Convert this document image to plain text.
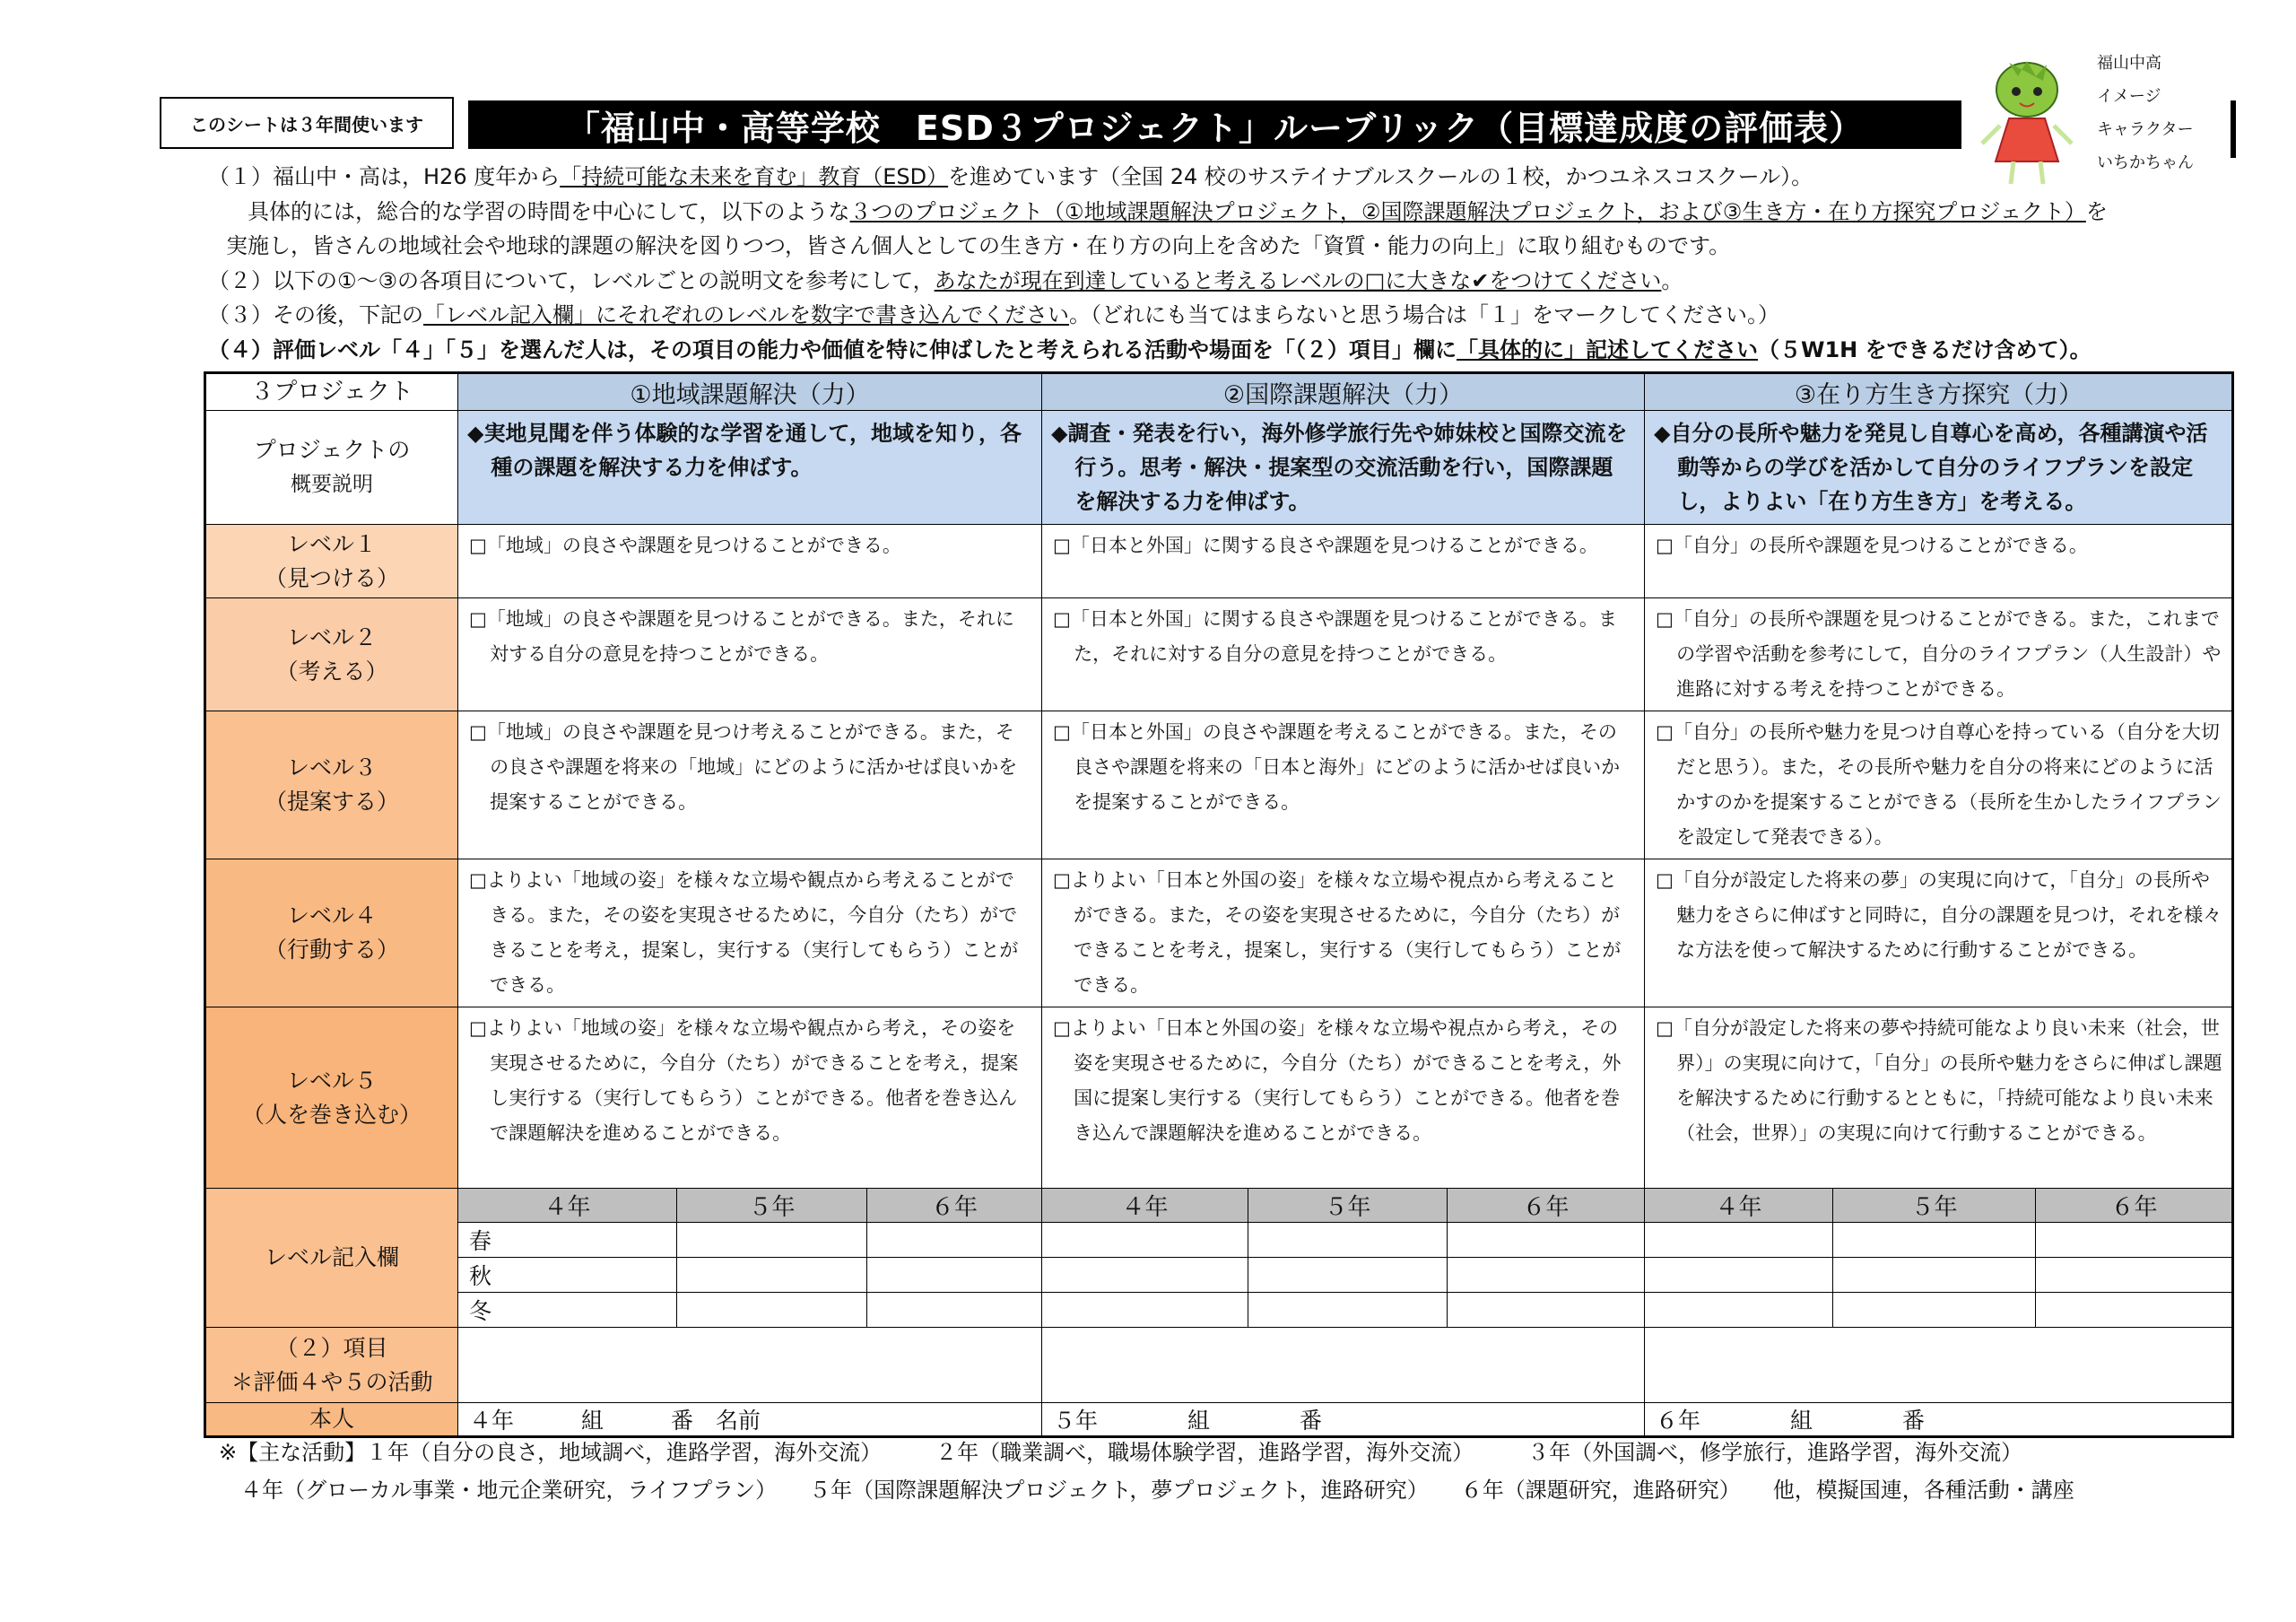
このシートは３年間使います	「福山中・高等学校　ESD３プロジェクト」ルーブリック（目標達成度の評価表）
福山中高
イメージ
キャラクター
いちかちゃん
（１）福山中・高は，H26 度年から「持続可能な未来を育む」教育（ESD）を進めています（全国 24 校のサステイナブルスクールの１校，かつユネスコスクール）。
具体的には，総合的な学習の時間を中心にして，以下のような３つのプロジェクト（①地域課題解決プロジェクト，②国際課題解決プロジェクト，および③生き方・在り方探究プロジェクト）を
実施し，皆さんの地域社会や地球的課題の解決を図りつつ，皆さん個人としての生き方・在り方の向上を含めた「資質・能力の向上」に取り組むものです。
（２）以下の①～③の各項目について，レベルごとの説明文を参考にして，あなたが現在到達していると考えるレベルの□に大きな✔をつけてください。
（３）その後，下記の「レベル記入欄」にそれぞれのレベルを数字で書き込んでください。（どれにも当てはまらないと思う場合は「１」をマークしてください。）
（４）評価レベル「４」「５」を選んだ人は，その項目の能力や価値を特に伸ばしたと考えられる活動や場面を「（２）項目」欄に「具体的に」記述してください（５W1H をできるだけ含めて）。
３プロジェクト	①地域課題解決（力）			②国際課題解決（力）			③在り方生き方探究（力）			

プロジェクトの
概要説明	◆実地見聞を伴う体験的な学習を通して，地域を知り，各種の課題を解決する力を伸ばす。			◆調査・発表を行い，海外修学旅行先や姉妹校と国際交流を行う。思考・解決・提案型の交流活動を行い，国際課題を解決する力を伸ばす。			◆自分の長所や魅力を発見し自尊心を高め，各種講演や活動等からの学びを活かして自分のライフプランを設定し，よりよい「在り方生き方」を考える。			

レベル１
（見つける）	□「地域」の良さや課題を見つけることができる。			□「日本と外国」に関する良さや課題を見つけることができる。			□「自分」の長所や課題を見つけることができる。			

レベル２
（考える）	□「地域」の良さや課題を見つけることができる。また，それに対する自分の意見を持つことができる。			□「日本と外国」に関する良さや課題を見つけることができる。また，それに対する自分の意見を持つことができる。			□「自分」の長所や課題を見つけることができる。また，これまでの学習や活動を参考にして，自分のライフプラン（人生設計）や進路に対する考えを持つことができる。			

レベル３
（提案する）	□「地域」の良さや課題を見つけ考えることができる。また，その良さや課題を将来の「地域」にどのように活かせば良いかを提案することができる。			□「日本と外国」の良さや課題を考えることができる。また，その良さや課題を将来の「日本と海外」にどのように活かせば良いかを提案することができる。			□「自分」の長所や魅力を見つけ自尊心を持っている（自分を大切だと思う）。また，その長所や魅力を自分の将来にどのように活かすのかを提案することができる（長所を生かしたライフプランを設定して発表できる）。			

レベル４
（行動する）	□よりよい「地域の姿」を様々な立場や観点から考えることができる。また，その姿を実現させるために，今自分（たち）ができることを考え，提案し，実行する（実行してもらう）ことができる。			□よりよい「日本と外国の姿」を様々な立場や視点から考えることができる。また，その姿を実現させるために，今自分（たち）ができることを考え，提案し，実行する（実行してもらう）ことができる。			□「自分が設定した将来の夢」の実現に向けて，「自分」の長所や魅力をさらに伸ばすと同時に，自分の課題を見つけ，それを様々な方法を使って解決するために行動することができる。			

レベル５
（人を巻き込む）	□よりよい「地域の姿」を様々な立場や観点から考え，その姿を実現させるために，今自分（たち）ができることを考え，提案し実行する（実行してもらう）ことができる。他者を巻き込んで課題解決を進めることができる。			□よりよい「日本と外国の姿」を様々な立場や視点から考え，その姿を実現させるために，今自分（たち）ができることを考え，外国に提案し実行する（実行してもらう）ことができる。他者を巻き込んで課題解決を進めることができる。			□「自分が設定した将来の夢や持続可能なより良い未来（社会，世界）」の実現に向けて，「自分」の長所や魅力をさらに伸ばし課題を解決するために行動するとともに，「持続可能なより良い未来（社会，世界）」の実現に向けて行動することができる。			

レベル記入欄	４年	５年	６年	４年	５年	６年	４年	５年	６年	
	春									
	秋									
	冬									

（２）項目
＊評価４や５の活動										

本人	４年　　　組　　　番　名前			５年　　　　組　　　　番			６年　　　　組　　　　番			
※【主な活動】１年（自分の良さ，地域調べ，進路学習，海外交流）　　　２年（職業調べ，職場体験学習，進路学習，海外交流）　　　３年（外国調べ，修学旅行，進路学習，海外交流）
　４年（グローカル事業・地元企業研究，ライフプラン）　　５年（国際課題解決プロジェクト，夢プロジェクト，進路研究）　　６年（課題研究，進路研究）　　他，模擬国連，各種活動・講座
